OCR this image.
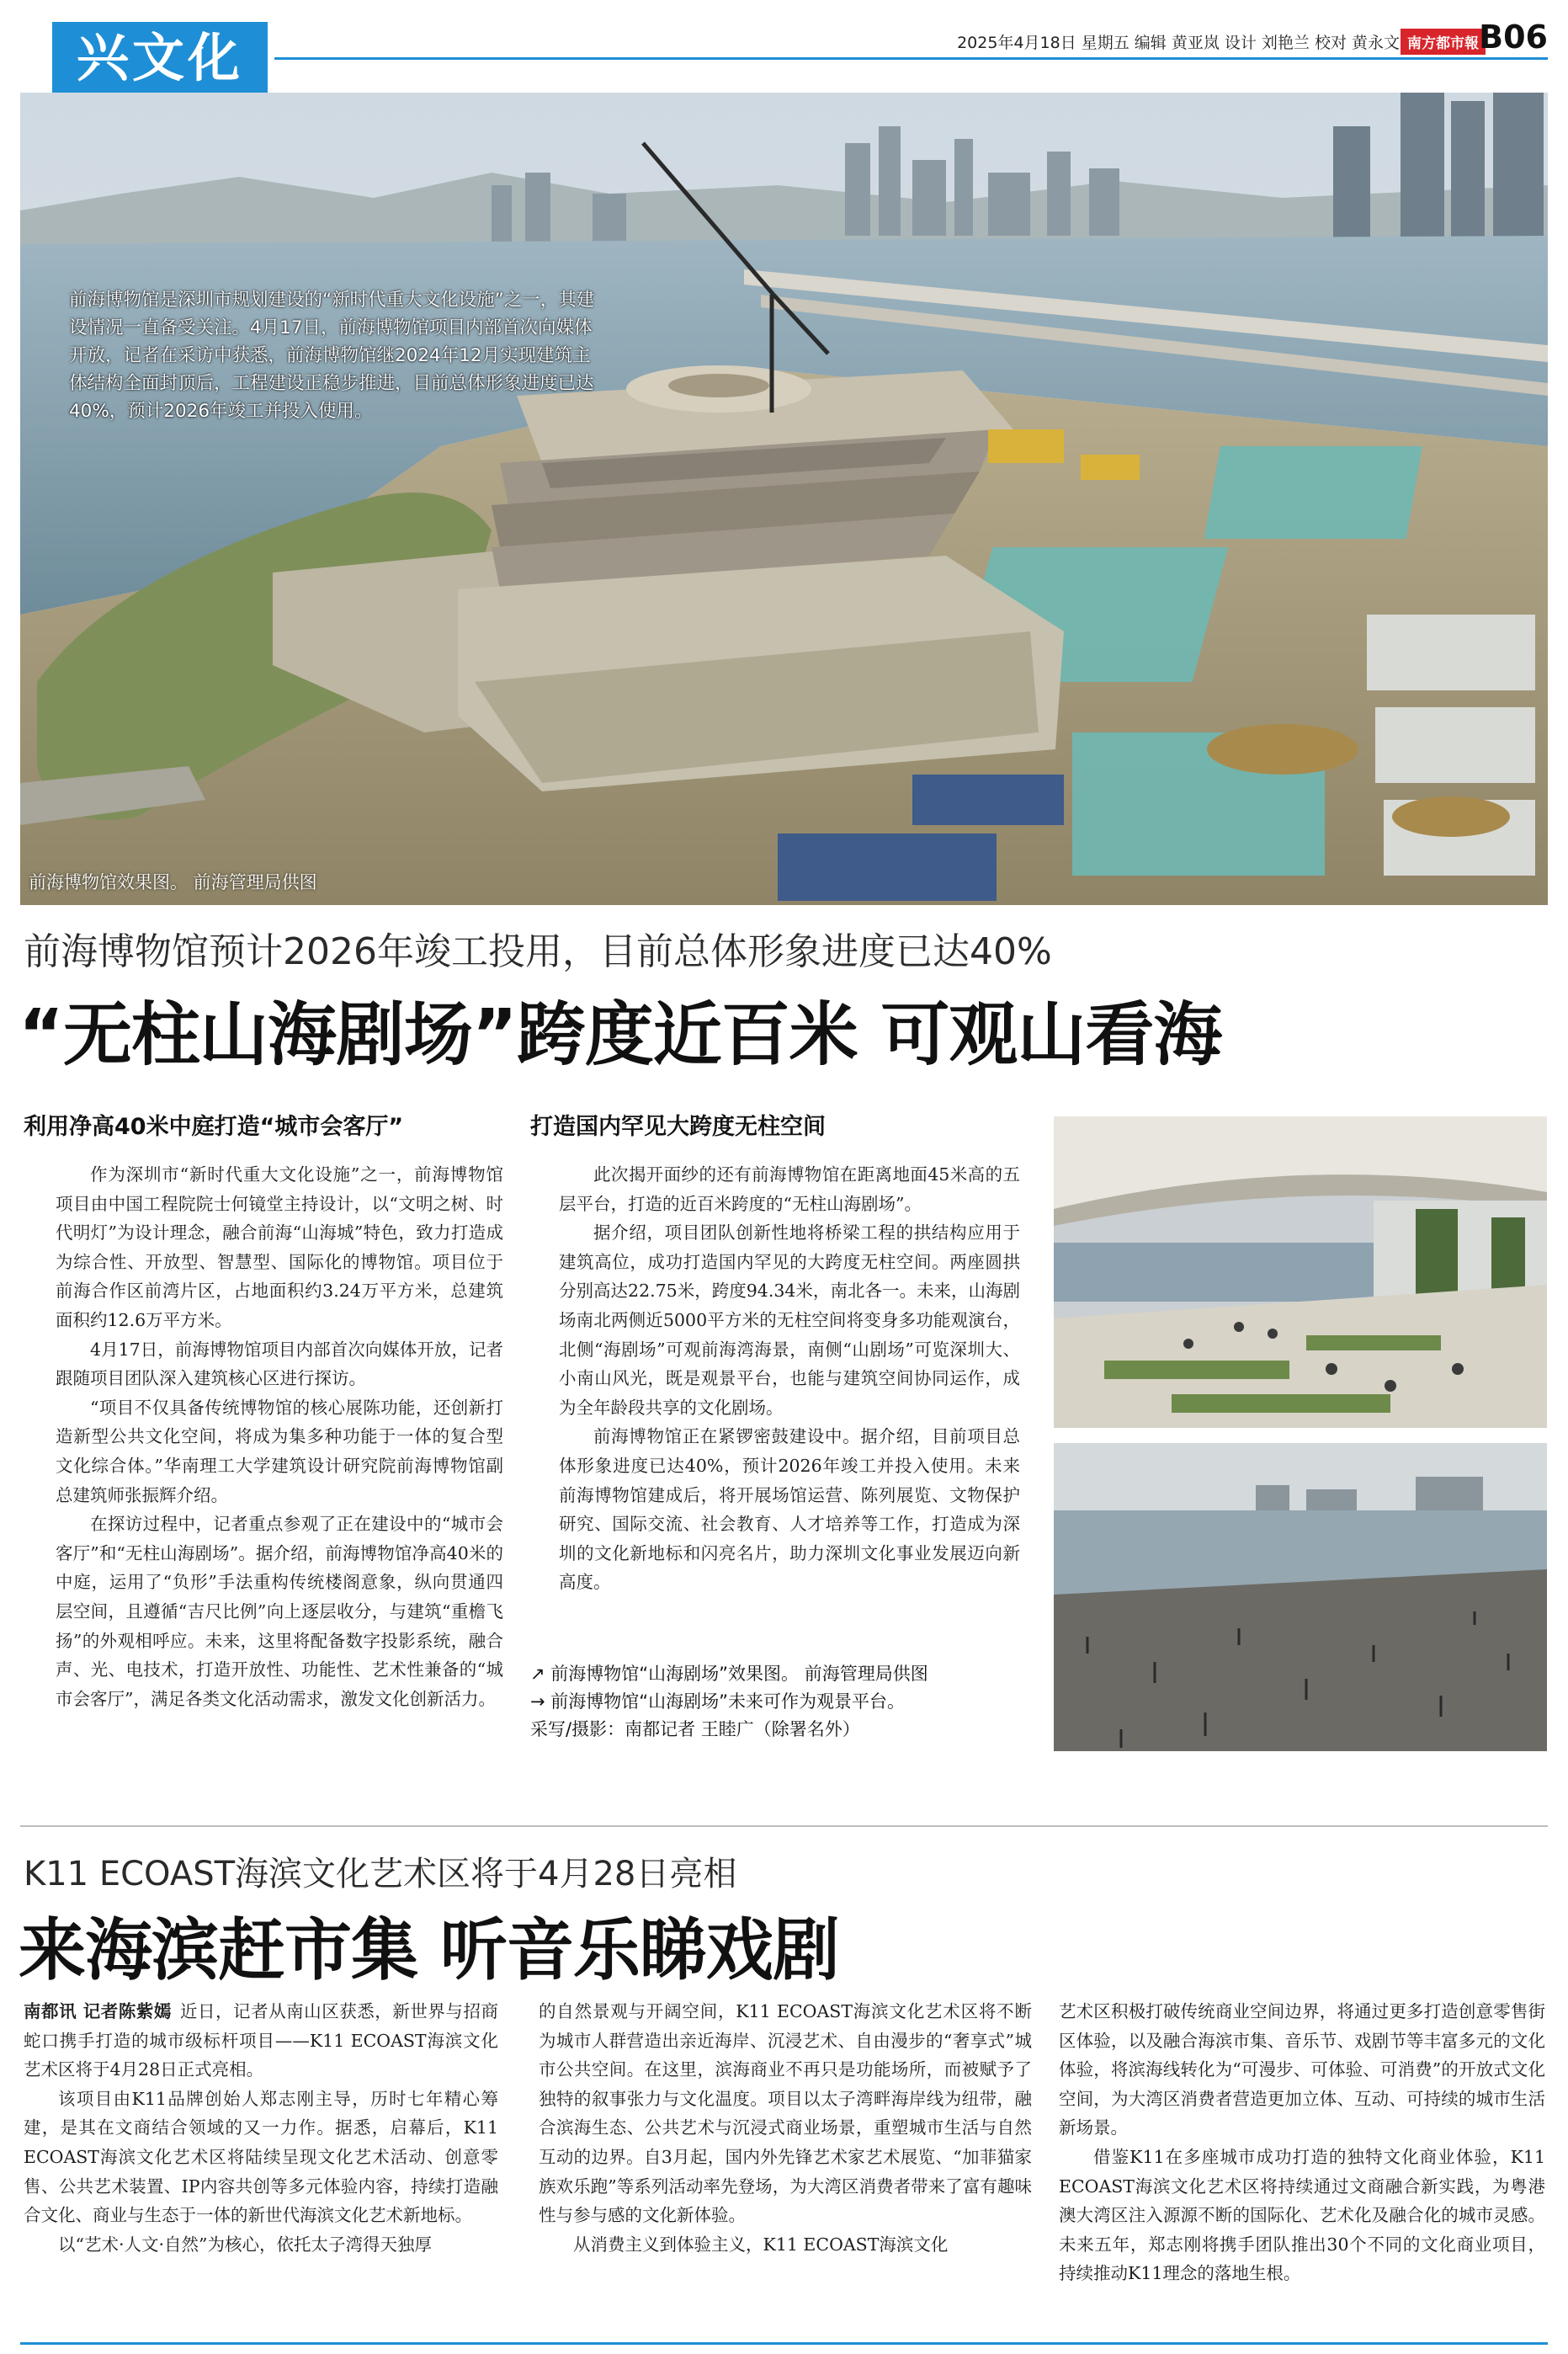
兴文化	2025年4月18日 星期五 编辑 黄亚岚 设计 刘艳兰 校对 黄永文 南方都市報 B06
前海博物馆是深圳市规划建设的“新时代重大文化设施”之一，其建设情况一直备受关注。4月17日，前海博物馆项目内部首次向媒体开放，记者在采访中获悉，前海博物馆继2024年12月实现建筑主体结构全面封顶后，工程建设正稳步推进，目前总体形象进度已达40%，预计2026年竣工并投入使用。
前海博物馆效果图。 前海管理局供图
前海博物馆预计2026年竣工投用，目前总体形象进度已达40%
“无柱山海剧场”跨度近百米 可观山看海
利用净高40米中庭打造“城市会客厅”	打造国内罕见大跨度无柱空间

作为深圳市“新时代重大文化设施”之一，前海博物馆项目由中国工程院院士何镜堂主持设计，以“文明之树、时代明灯”为设计理念，融合前海“山海城”特色，致力打造成为综合性、开放型、智慧型、国际化的博物馆。项目位于前海合作区前湾片区，占地面积约3.24万平方米，总建筑面积约12.6万平方米。

4月17日，前海博物馆项目内部首次向媒体开放，记者跟随项目团队深入建筑核心区进行探访。

“项目不仅具备传统博物馆的核心展陈功能，还创新打造新型公共文化空间，将成为集多种功能于一体的复合型文化综合体。”华南理工大学建筑设计研究院前海博物馆副总建筑师张振辉介绍。

在探访过程中，记者重点参观了正在建设中的“城市会客厅”和“无柱山海剧场”。据介绍，前海博物馆净高40米的中庭，运用了“负形”手法重构传统楼阁意象，纵向贯通四层空间，且遵循“吉尺比例”向上逐层收分，与建筑“重檐飞扬”的外观相呼应。未来，这里将配备数字投影系统，融合声、光、电技术，打造开放性、功能性、艺术性兼备的“城市会客厅”，满足各类文化活动需求，激发文化创新活力。

此次揭开面纱的还有前海博物馆在距离地面45米高的五层平台，打造的近百米跨度的“无柱山海剧场”。

据介绍，项目团队创新性地将桥梁工程的拱结构应用于建筑高位，成功打造国内罕见的大跨度无柱空间。两座圆拱分别高达22.75米，跨度94.34米，南北各一。未来，山海剧场南北两侧近5000平方米的无柱空间将变身多功能观演台，北侧“海剧场”可观前海湾海景，南侧“山剧场”可览深圳大、小南山风光，既是观景平台，也能与建筑空间协同运作，成为全年龄段共享的文化剧场。

前海博物馆正在紧锣密鼓建设中。据介绍，目前项目总体形象进度已达40%，预计2026年竣工并投入使用。未来前海博物馆建成后，将开展场馆运营、陈列展览、文物保护研究、国际交流、社会教育、人才培养等工作，打造成为深圳的文化新地标和闪亮名片，助力深圳文化事业发展迈向新高度。

↗ 前海博物馆“山海剧场”效果图。 前海管理局供图
→ 前海博物馆“山海剧场”未来可作为观景平台。
采写/摄影：南都记者 王睦广（除署名外）
K11 ECOAST海滨文化艺术区将于4月28日亮相
来海滨赶市集 听音乐睇戏剧

南都讯 记者陈紫嫣 近日，记者从南山区获悉，新世界与招商蛇口携手打造的城市级标杆项目——K11 ECOAST海滨文化艺术区将于4月28日正式亮相。

该项目由K11品牌创始人郑志刚主导，历时七年精心筹建，是其在文商结合领域的又一力作。据悉，启幕后，K11 ECOAST海滨文化艺术区将陆续呈现文化艺术活动、创意零售、公共艺术装置、IP内容共创等多元体验内容，持续打造融合文化、商业与生态于一体的新世代海滨文化艺术新地标。

以“艺术·人文·自然”为核心，依托太子湾得天独厚

的自然景观与开阔空间，K11 ECOAST海滨文化艺术区将不断为城市人群营造出亲近海岸、沉浸艺术、自由漫步的“奢享式”城市公共空间。在这里，滨海商业不再只是功能场所，而被赋予了独特的叙事张力与文化温度。项目以太子湾畔海岸线为纽带，融合滨海生态、公共艺术与沉浸式商业场景，重塑城市生活与自然互动的边界。自3月起，国内外先锋艺术家艺术展览、“加菲猫家族欢乐跑”等系列活动率先登场，为大湾区消费者带来了富有趣味性与参与感的文化新体验。

从消费主义到体验主义，K11 ECOAST海滨文化

艺术区积极打破传统商业空间边界，将通过更多打造创意零售街区体验，以及融合海滨市集、音乐节、戏剧节等丰富多元的文化体验，将滨海线转化为“可漫步、可体验、可消费”的开放式文化空间，为大湾区消费者营造更加立体、互动、可持续的城市生活新场景。

借鉴K11在多座城市成功打造的独特文化商业体验，K11 ECOAST海滨文化艺术区将持续通过文商融合新实践，为粤港澳大湾区注入源源不断的国际化、艺术化及融合化的城市灵感。未来五年，郑志刚将携手团队推出30个不同的文化商业项目，持续推动K11理念的落地生根。
